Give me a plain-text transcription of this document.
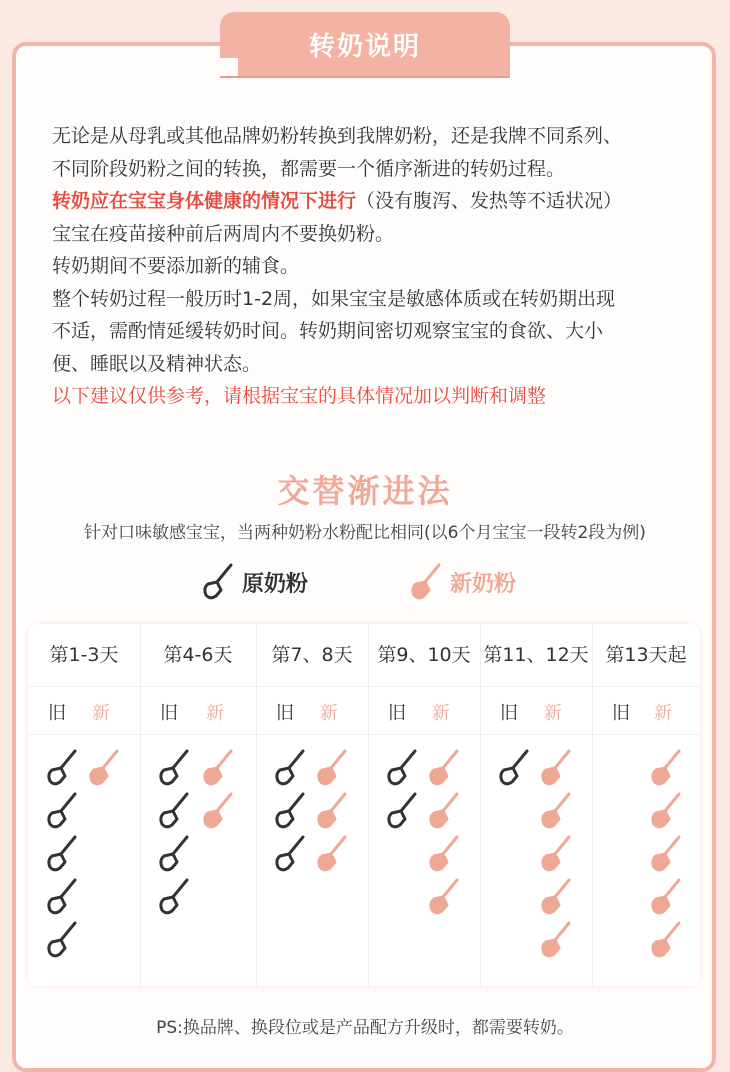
转奶说明

无论是从母乳或其他品牌奶粉转换到我牌奶粉，还是我牌不同系列、

不同阶段奶粉之间的转换，都需要一个循序渐进的转奶过程。

转奶应在宝宝身体健康的情况下进行（没有腹泻、发热等不适状况）

宝宝在疫苗接种前后两周内不要换奶粉。

转奶期间不要添加新的辅食。

整个转奶过程一般历时1-2周，如果宝宝是敏感体质或在转奶期出现

不适，需酌情延缓转奶时间。转奶期间密切观察宝宝的食欲、大小

便、睡眠以及精神状态。

以下建议仅供参考，请根据宝宝的具体情况加以判断和调整

交替渐进法
针对口味敏感宝宝，当两种奶粉水粉配比相同(以6个月宝宝一段转2段为例)
原奶粉	新奶粉
第1-3天
旧 新
第4-6天
旧 新
第7、8天
旧 新
第9、10天
旧 新
第11、12天
旧 新
第13天起
旧 新
PS:换品牌、换段位或是产品配方升级时，都需要转奶。
